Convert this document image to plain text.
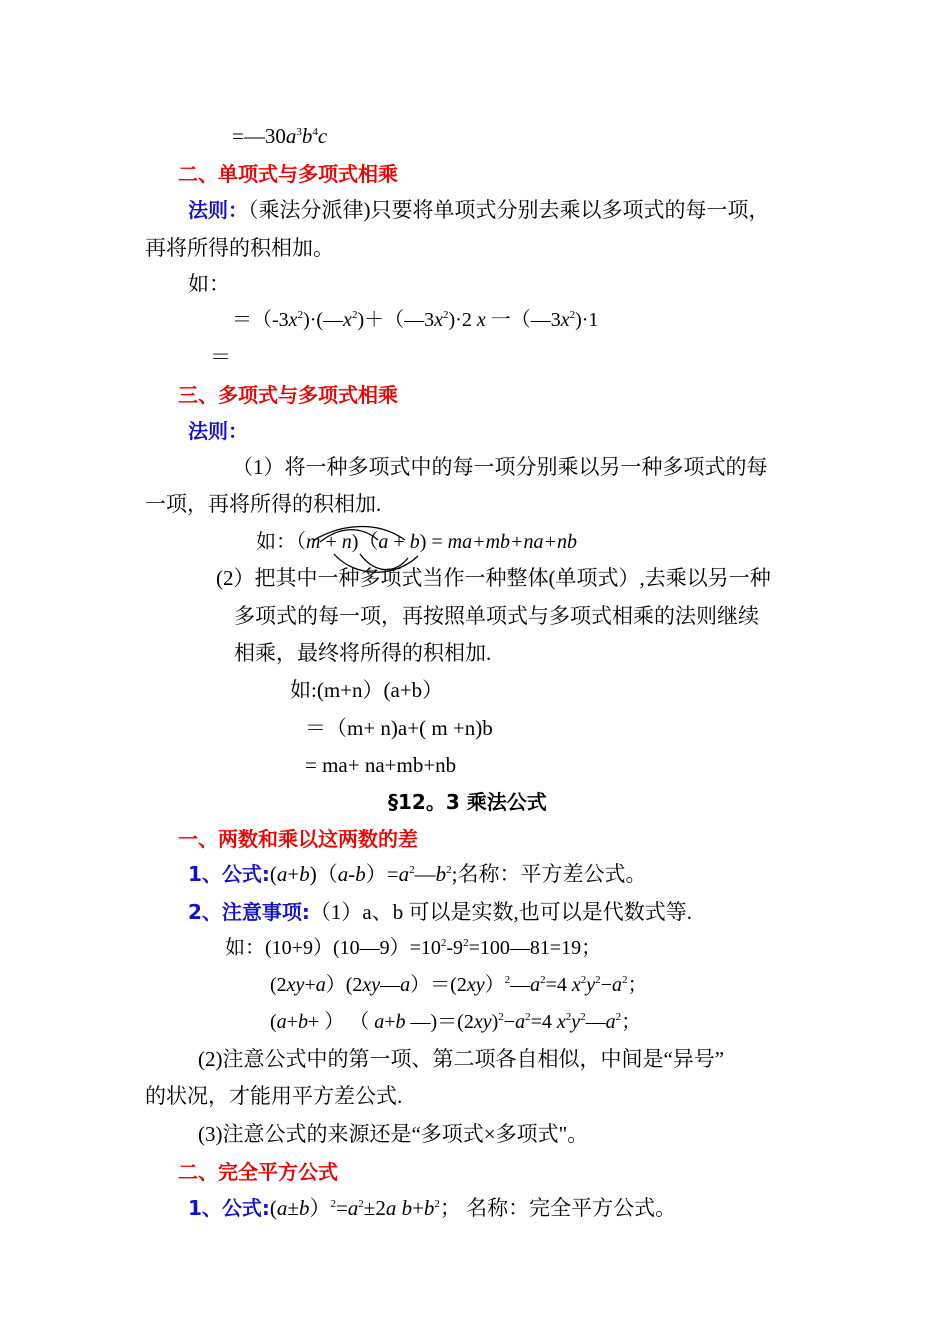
$=—30a^3b^4c$
二、单项式与多项式相乘
法则：（乘法分派律)只要将单项式分别去乘以多项式的每一项，
再将所得的积相加。
如：
$=(-3x^2)\cdot(—x^2)+(—3x^2)\cdot 2$ x 一$(—3x^2)\cdot 1$
＝
三、多项式与多项式相乘
法则：
（1）将一种多项式中的每一项分别乘以另一种多项式的每
一项，再将所得的积相加.
如：（m + n)（a + b) = ma+mb+na+nb
(2）把其中一种多项式当作一种整体(单项式）,去乘以另一种
多项式的每一项，再按照单项式与多项式相乘的法则继续
相乘，最终将所得的积相加.
如:(m+n）(a+b）
＝（m+ n)a+( m +n)b
= ma+ na+mb+nb
§12。3 乘法公式
一、两数和乘以这两数的差
1、公式$:(a+b)(a-b)=a^2—b^2$;名称：平方差公式。
2、注意事项:（1）a、b 可以是实数,也可以是代数式等.
如：$(10+9)(10—9)=10^2-9^2=100—81=19$；
$(2xy+a)(2xy—a)=(2xy)^2—a^2=4$ $x^2y^2-a^2$；
(a+b+ ） （ a+b $—)=(2xy)^2-a^2=4$ $x^2y^2—a^2$；
(2)注意公式中的第一项、第二项各自相似，中间是“异号”
的状况，才能用平方差公式.
(3)注意公式的来源还是“多项式×多项式"。
二、完全平方公式
1、公式$:(a\pm b)^2=a^2\pm 2a$ $b+b^2$； 名称：完全平方公式。
